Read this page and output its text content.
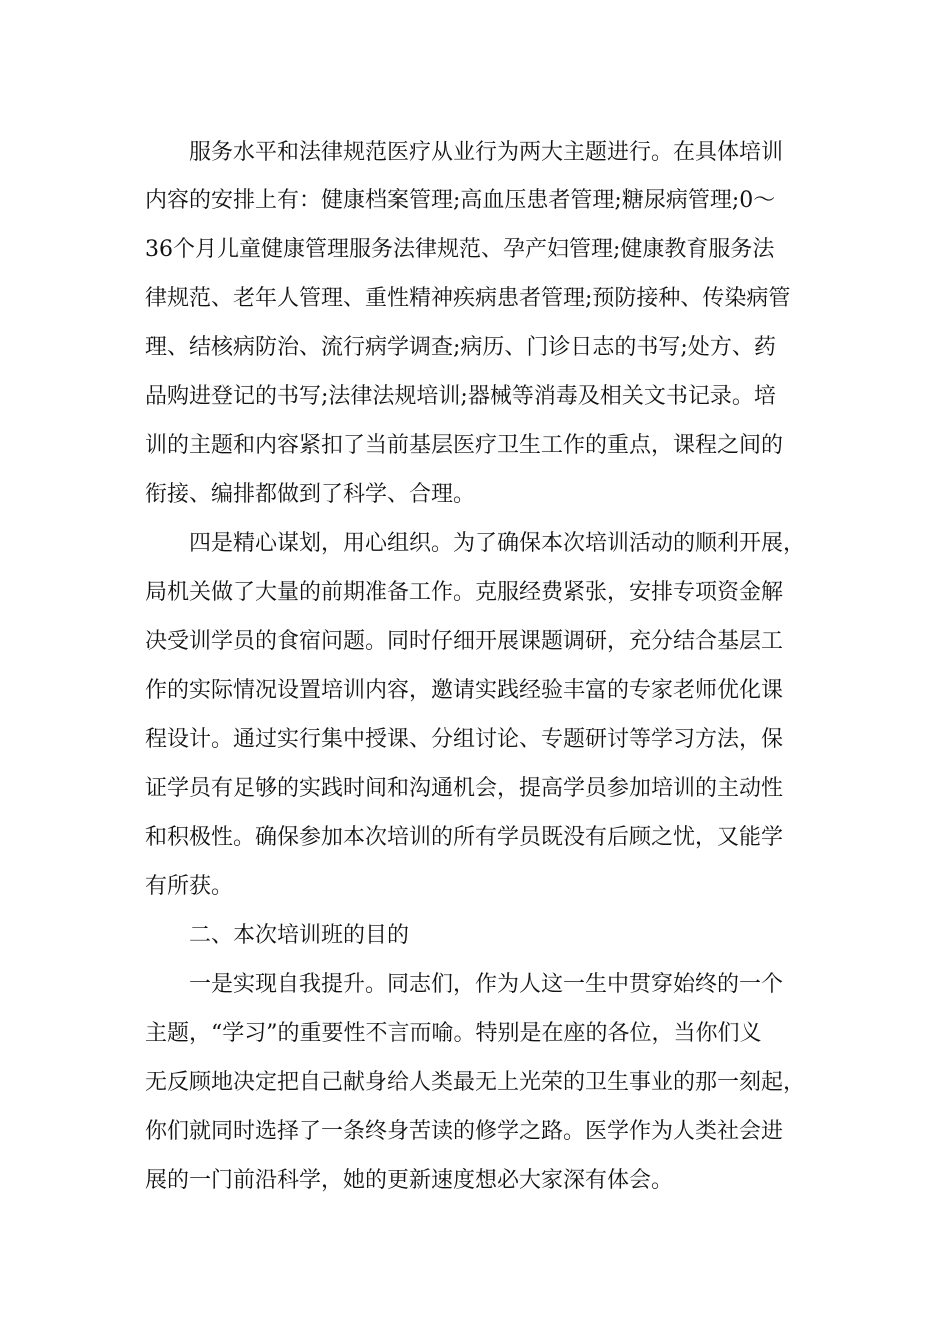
服务水平和法律规范医疗从业行为两大主题进行。在具体培训
内容的安排上有：健康档案管理;高血压患者管理;糖尿病管理;0～
36个月儿童健康管理服务法律规范、孕产妇管理;健康教育服务法
律规范、老年人管理、重性精神疾病患者管理;预防接种、传染病管
理、结核病防治、流行病学调查;病历、门诊日志的书写;处方、药
品购进登记的书写;法律法规培训;器械等消毒及相关文书记录。培
训的主题和内容紧扣了当前基层医疗卫生工作的重点，课程之间的
衔接、编排都做到了科学、合理。
四是精心谋划，用心组织。为了确保本次培训活动的顺利开展，
局机关做了大量的前期准备工作。克服经费紧张，安排专项资金解
决受训学员的食宿问题。同时仔细开展课题调研，充分结合基层工
作的实际情况设置培训内容，邀请实践经验丰富的专家老师优化课
程设计。通过实行集中授课、分组讨论、专题研讨等学习方法，保
证学员有足够的实践时间和沟通机会，提高学员参加培训的主动性
和积极性。确保参加本次培训的所有学员既没有后顾之忧，又能学
有所获。
二、本次培训班的目的
一是实现自我提升。同志们，作为人这一生中贯穿始终的一个
主题，“学习”的重要性不言而喻。特别是在座的各位，当你们义
无反顾地决定把自己献身给人类最无上光荣的卫生事业的那一刻起，
你们就同时选择了一条终身苦读的修学之路。医学作为人类社会进
展的一门前沿科学，她的更新速度想必大家深有体会。
